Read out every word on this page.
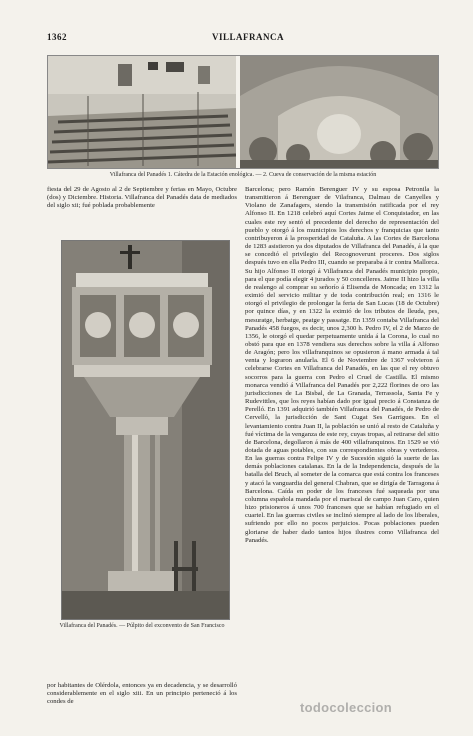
1362	VILLAFRANCA
Villafranca del Panadés 1. Cátedra de la Estación enológica. — 2. Cueva de conservación de la misma estación

fiesta del 29 de Agosto al 2 de Septiembre y ferias en Mayo, Octubre (dos) y Diciembre. Historia. Villafranca del Panadés data de mediados del siglo xii; fué poblada probablemente

Villafranca del Panadés. — Púlpito del exconvento de San Francisco

por habitantes de Olérdola, entonces ya en decadencia, y se desarrolló considerablemente en el siglo xiii. En un principio perteneció á los condes de

Barcelona; pero Ramón Berenguer IV y su esposa Petronila la transmitieron á Berenguer de Vilafranca, Dalmau de Canyelles y Violano de Zanafagers, siendo la transmisión ratificada por el rey Alfonso II. En 1218 celebró aquí Cortes Jaime el Conquistador, en las cuales este rey sentó el precedente del derecho de representación del pueblo y otorgó á los municipios los derechos y franquicias que tanto contribuyeron á la prosperidad de Cataluña. A las Cortes de Barcelona de 1283 asistieron ya dos diputados de Villafranca del Panadés, á la que se concedió el privilegio del Recognoverunt proceres. Dos siglos después tuvo en ella Pedro III, cuando se preparaba á ir contra Mallorca. Su hijo Alfonso II otorgó á Villafranca del Panadés municipio propio, para el que podía elegir 4 jurados y 50 concelleres. Jaime II hizo la villa de realengo al comprar su señorío á Elisenda de Moncada; en 1312 la eximió del servicio militar y de toda contribución real; en 1316 le otorgó el privilegio de prolongar la feria de San Lucas (18 de Octubre) por quince días, y en 1322 la eximió de los tributos de lleuda, pes, mesuratge, herbatge, peatge y passatge. En 1359 contaba Villafranca del Panadés 458 fuegos, es decir, unos 2,300 h. Pedro IV, el 2 de Marzo de 1356, le otorgó el quedar perpetuamente unida á la Corona, lo cual no obstó para que en 1378 vendiera sus derechos sobre la villa á Alfonso de Aragón; pero los villafranquinos se opusieron á mano armada á tal venta y lograron anularla. El 6 de Noviembre de 1367 volvieron á celebrarse Cortes en Villafranca del Panadés, en las que el rey obtuvo socorros para la guerra con Pedro el Cruel de Castilla. El mismo monarca vendió á Villafranca del Panadés por 2,222 florines de oro las jurisdicciones de La Bisbal, de La Granada, Terrassola, Santa Fe y Rudevittles, que los reyes habían dado por igual precio á Constanza de Perelló. En 1391 adquirió también Villafranca del Panadés, de Pedro de Cervelló, la jurisdicción de Sant Cugat Ses Garrigues. En el levantamiento contra Juan II, la población se unió al resto de Cataluña y fué víctima de la venganza de este rey, cuyas tropas, al retirarse del sitio de Barcelona, degollaron á más de 400 villafranquinos. En 1529 se vió dotada de aguas potables, con sus correspondientes obras y vertederos. En las guerras contra Felipe IV y de Sucesión siguió la suerte de las demás poblaciones catalanas. En la de la Independencia, después de la batalla del Bruch, al someter de la comarca que está contra los franceses y atacó la vanguardia del general Chabran, que se dirigía de Tarragona á Barcelona. Caída en poder de los franceses fué saqueada por una columna española mandada por el mariscal de campo Juan Caro, quien hizo prisioneros á unos 700 franceses que se habían refugiado en el cuartel. En las guerras civiles se inclinó siempre al lado de los liberales, sufriendo por ello no pocos perjuicios. Pocas poblaciones pueden gloriarse de haber dado tantos hijos ilustres como Villafranca del Panadés.

todocoleccion
